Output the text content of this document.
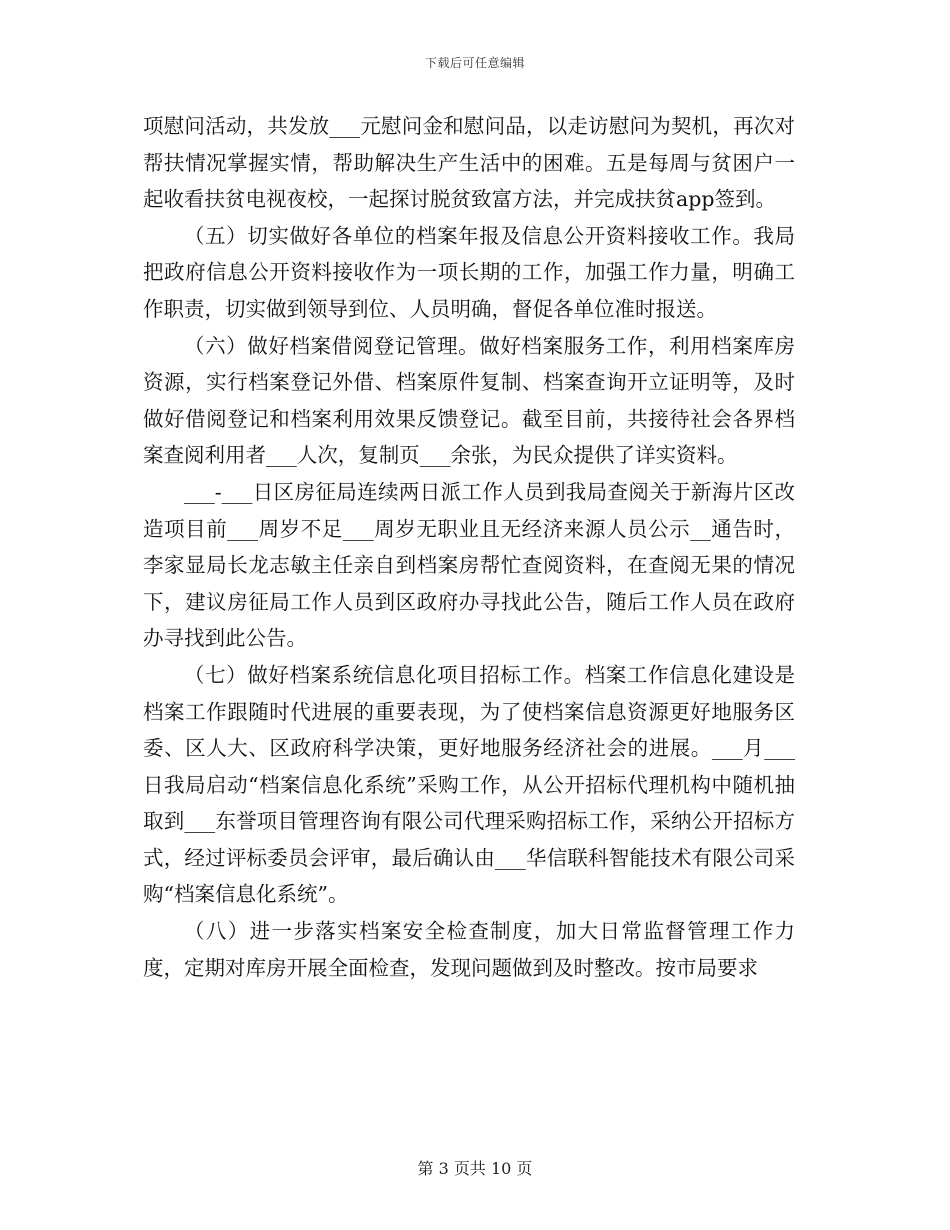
下载后可任意编辑

项慰问活动，共发放___元慰问金和慰问品，以走访慰问为契机，再次对帮扶情况掌握实情，帮助解决生产生活中的困难。五是每周与贫困户一起收看扶贫电视夜校，一起探讨脱贫致富方法，并完成扶贫app签到。

（五）切实做好各单位的档案年报及信息公开资料接收工作。我局把政府信息公开资料接收作为一项长期的工作，加强工作力量，明确工作职责，切实做到领导到位、人员明确，督促各单位准时报送。

（六）做好档案借阅登记管理。做好档案服务工作，利用档案库房资源，实行档案登记外借、档案原件复制、档案查询开立证明等，及时做好借阅登记和档案利用效果反馈登记。截至目前，共接待社会各界档案查阅利用者___人次，复制页___余张，为民众提供了详实资料。

___-___日区房征局连续两日派工作人员到我局查阅关于新海片区改造项目前___周岁不足___周岁无职业且无经济来源人员公示__通告时，李家显局长龙志敏主任亲自到档案房帮忙查阅资料，在查阅无果的情况下，建议房征局工作人员到区政府办寻找此公告，随后工作人员在政府办寻找到此公告。

（七）做好档案系统信息化项目招标工作。档案工作信息化建设是档案工作跟随时代进展的重要表现，为了使档案信息资源更好地服务区委、区人大、区政府科学决策，更好地服务经济社会的进展。___月___日我局启动“档案信息化系统”采购工作，从公开招标代理机构中随机抽取到___东誉项目管理咨询有限公司代理采购招标工作，采纳公开招标方式，经过评标委员会评审，最后确认由___华信联科智能技术有限公司采购“档案信息化系统”。

（八）进一步落实档案安全检查制度，加大日常监督管理工作力度，定期对库房开展全面检查，发现问题做到及时整改。按市局要求

第 3 页共 10 页
